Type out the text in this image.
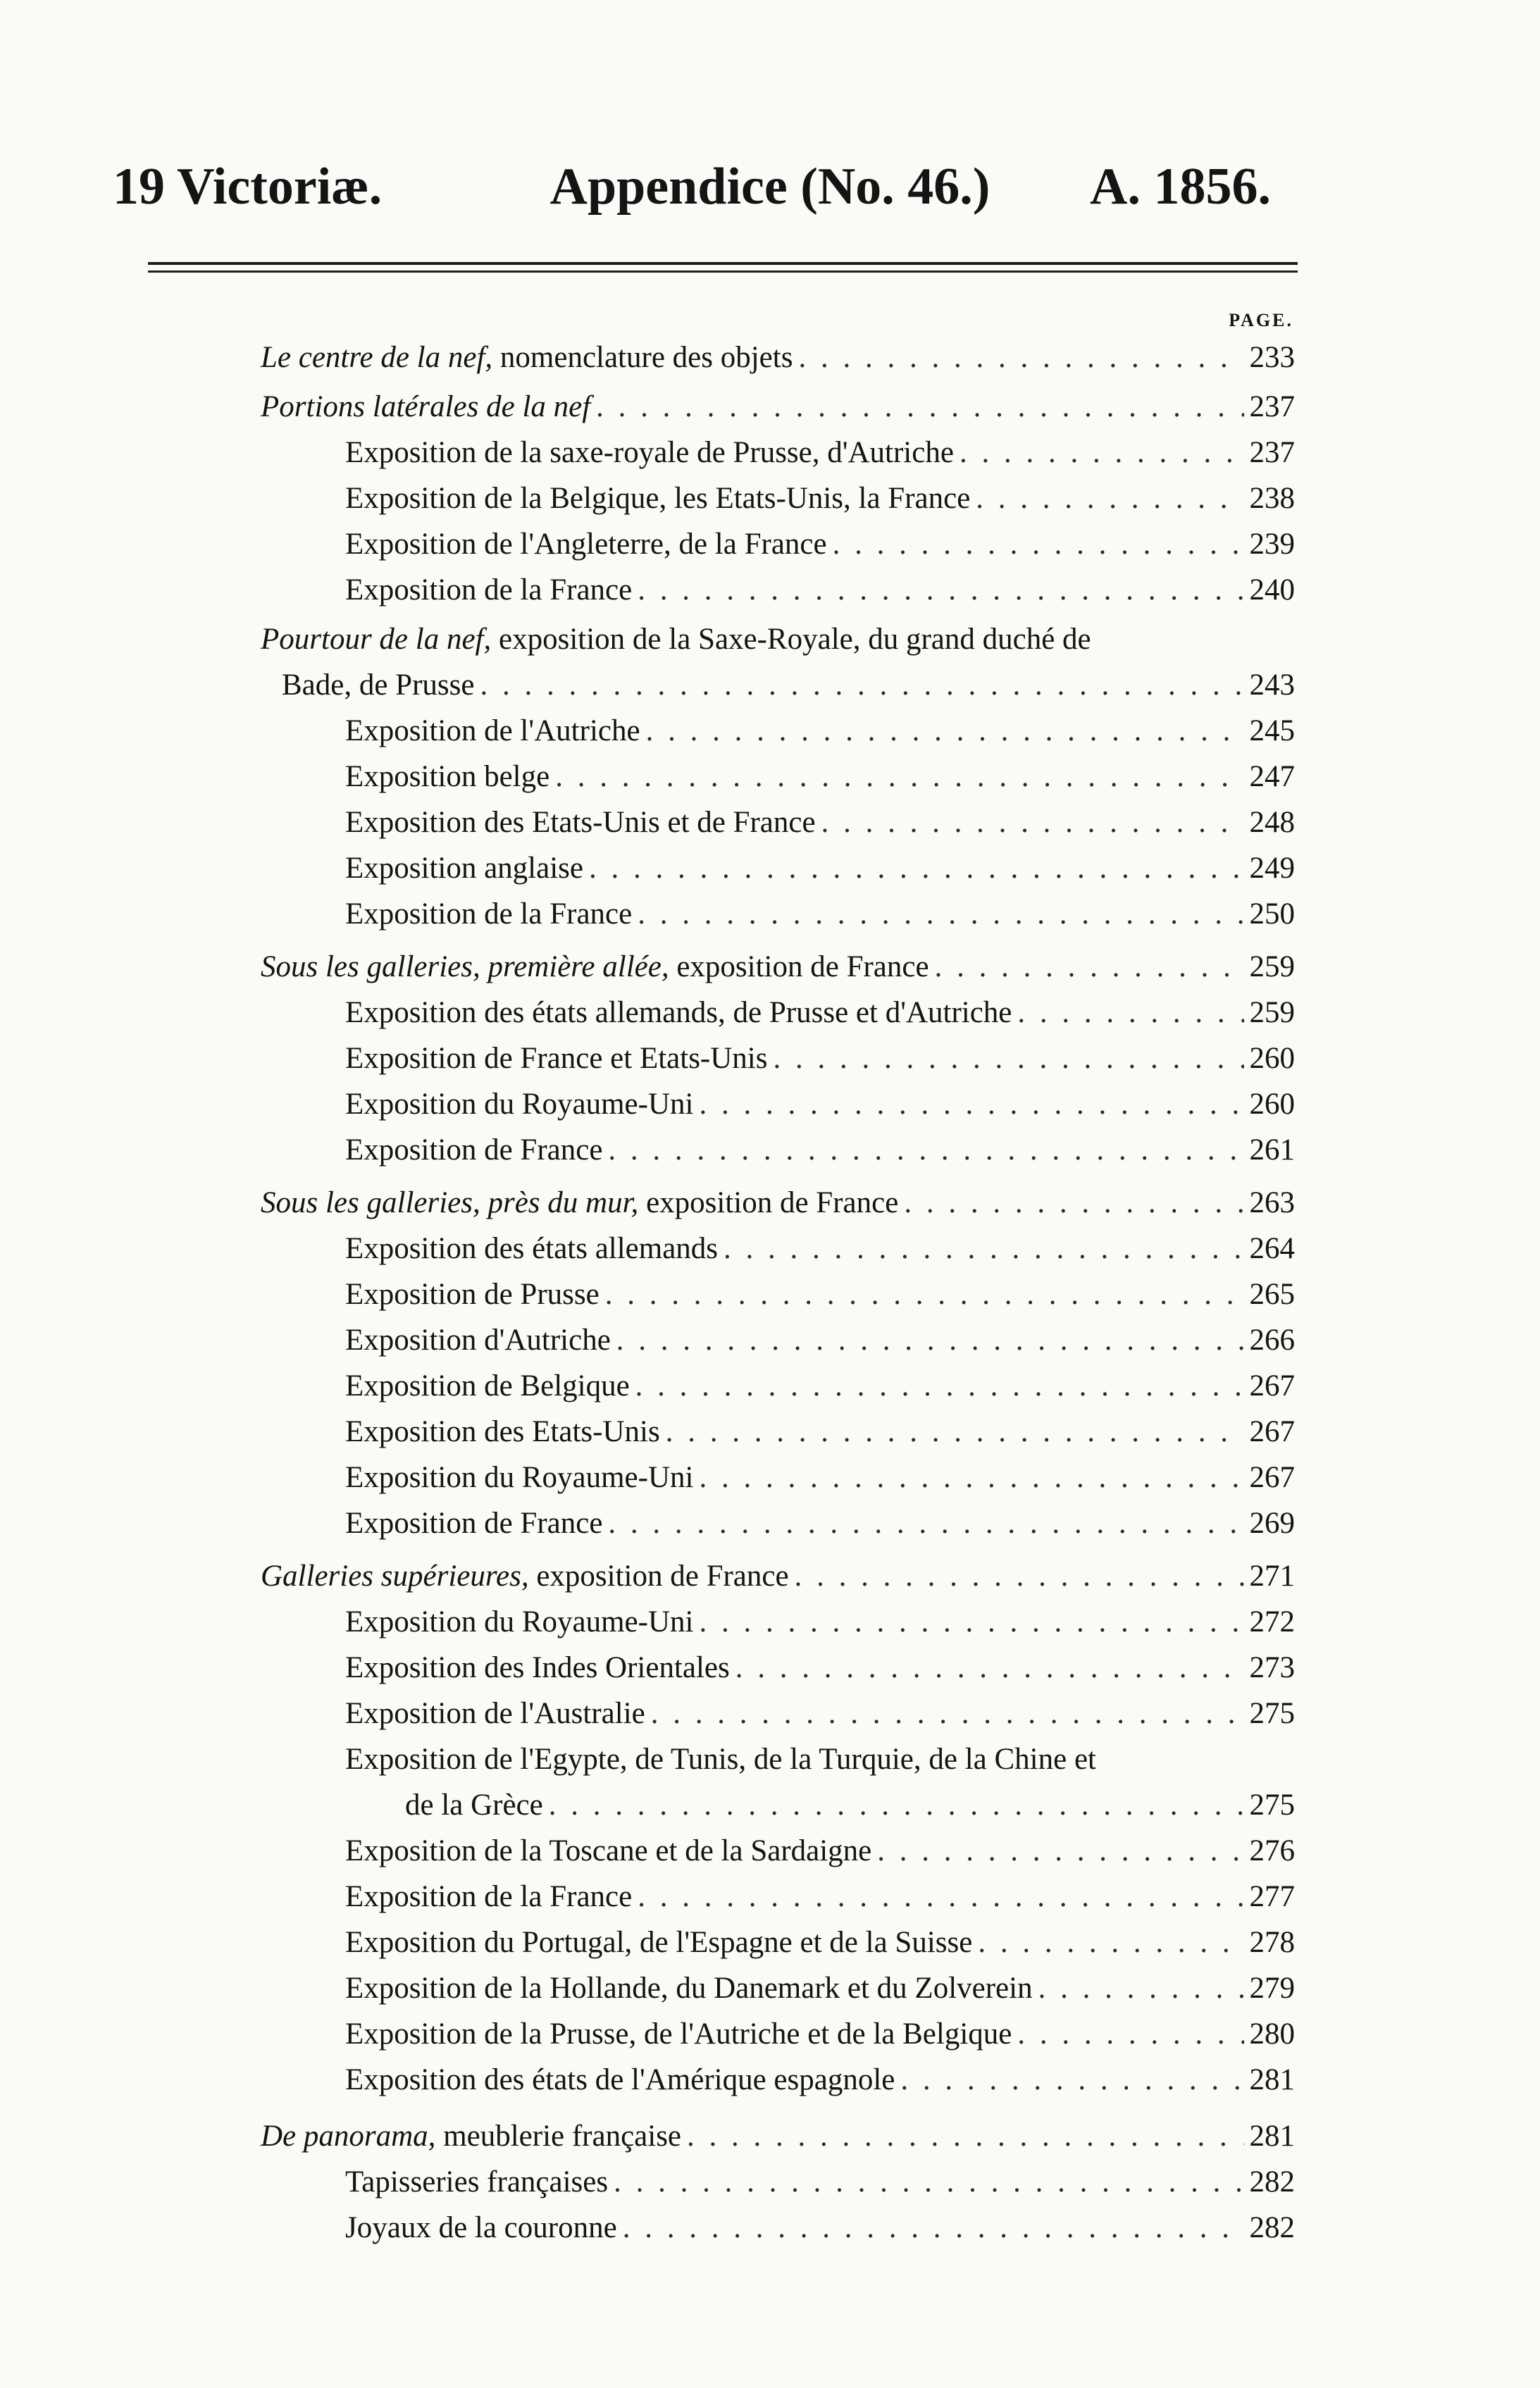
19 Victoriæ.	Appendice (No. 46.)	A. 1856.
PAGE.
Le centre de la nef, nomenclature des objets . . .	233
Portions latérales de la nef . . .	237
Exposition de la saxe-royale de Prusse, d'Autriche . . .	237
Exposition de la Belgique, les Etats-Unis, la France . . .	238
Exposition de l'Angleterre, de la France . . .	239
Exposition de la France . . .	240
Pourtour de la nef, exposition de la Saxe-Royale, du grand duché de
Bade, de Prusse . . .	243
Exposition de l'Autriche . . .	245
Exposition belge . . .	247
Exposition des Etats-Unis et de France . . .	248
Exposition anglaise . . .	249
Exposition de la France . . .	250
Sous les galleries, première allée, exposition de France . . .	259
Exposition des états allemands, de Prusse et d'Autriche . . .	259
Exposition de France et Etats-Unis . . .	260
Exposition du Royaume-Uni . . .	260
Exposition de France . . .	261
Sous les galleries, près du mur, exposition de France . . .	263
Exposition des états allemands . . .	264
Exposition de Prusse . . .	265
Exposition d'Autriche . . .	266
Exposition de Belgique . . .	267
Exposition des Etats-Unis . . .	267
Exposition du Royaume-Uni . . .	267
Exposition de France . . .	269
Galleries supérieures, exposition de France . . .	271
Exposition du Royaume-Uni . . .	272
Exposition des Indes Orientales . . .	273
Exposition de l'Australie . . .	275
Exposition de l'Egypte, de Tunis, de la Turquie, de la Chine et
de la Grèce . . .	275
Exposition de la Toscane et de la Sardaigne . . .	276
Exposition de la France . . .	277
Exposition du Portugal, de l'Espagne et de la Suisse . . .	278
Exposition de la Hollande, du Danemark et du Zolverein . . .	279
Exposition de la Prusse, de l'Autriche et de la Belgique . . .	280
Exposition des états de l'Amérique espagnole . . .	281
De panorama, meublerie française . . .	281
Tapisseries françaises . . .	282
Joyaux de la couronne . . .	282
